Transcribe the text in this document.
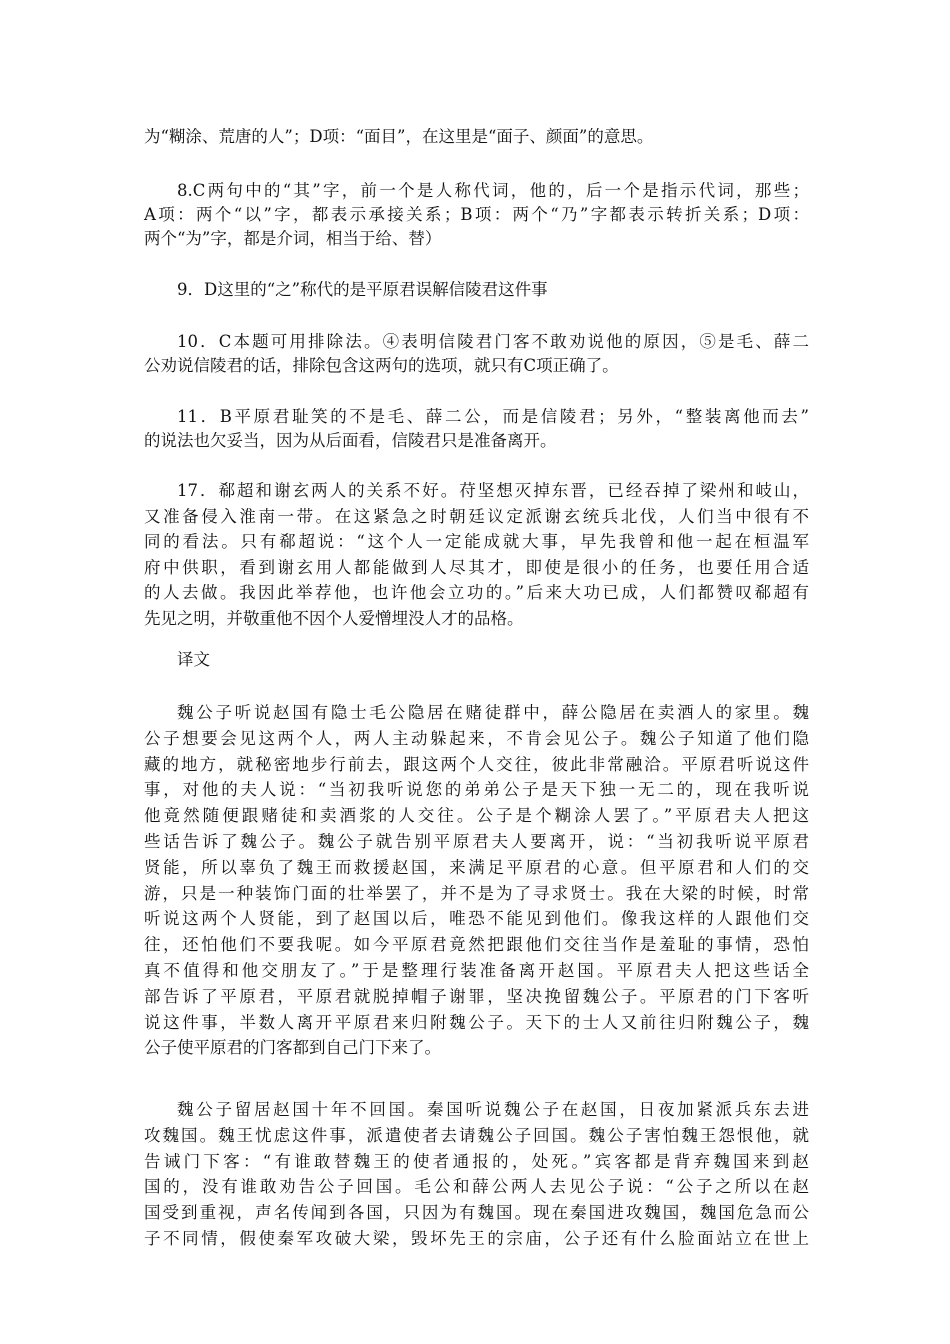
为“糊涂、荒唐的人”；D项：“面目”，在这里是“面子、颜面”的意思。
8.C两句中的“其”字，前一个是人称代词，他的，后一个是指示代词，那些；
A项：两个“以”字，都表示承接关系；B项：两个“乃”字都表示转折关系；D项：
两个“为”字，都是介词，相当于给、替）
9．D这里的“之”称代的是平原君误解信陵君这件事
10．C本题可用排除法。④表明信陵君门客不敢劝说他的原因，⑤是毛、薛二
公劝说信陵君的话，排除包含这两句的选项，就只有C项正确了。
11．B平原君耻笑的不是毛、薛二公，而是信陵君；另外，“整装离他而去”
的说法也欠妥当，因为从后面看，信陵君只是准备离开。
17．郗超和谢玄两人的关系不好。苻坚想灭掉东晋，已经吞掉了梁州和岐山，
又准备侵入淮南一带。在这紧急之时朝廷议定派谢玄统兵北伐，人们当中很有不
同的看法。只有郗超说：“这个人一定能成就大事，早先我曾和他一起在桓温军
府中供职，看到谢玄用人都能做到人尽其才，即使是很小的任务，也要任用合适
的人去做。我因此举荐他，也许他会立功的。”后来大功已成，人们都赞叹郗超有
先见之明，并敬重他不因个人爱憎埋没人才的品格。
译文
魏公子听说赵国有隐士毛公隐居在赌徒群中，薛公隐居在卖酒人的家里。魏
公子想要会见这两个人，两人主动躲起来，不肯会见公子。魏公子知道了他们隐
藏的地方，就秘密地步行前去，跟这两个人交往，彼此非常融洽。平原君听说这件
事，对他的夫人说：“当初我听说您的弟弟公子是天下独一无二的，现在我听说
他竟然随便跟赌徒和卖酒浆的人交往。公子是个糊涂人罢了。”平原君夫人把这
些话告诉了魏公子。魏公子就告别平原君夫人要离开，说：“当初我听说平原君
贤能，所以辜负了魏王而救援赵国，来满足平原君的心意。但平原君和人们的交
游，只是一种装饰门面的壮举罢了，并不是为了寻求贤士。我在大梁的时候，时常
听说这两个人贤能，到了赵国以后，唯恐不能见到他们。像我这样的人跟他们交
往，还怕他们不要我呢。如今平原君竟然把跟他们交往当作是羞耻的事情，恐怕
真不值得和他交朋友了。”于是整理行装准备离开赵国。平原君夫人把这些话全
部告诉了平原君，平原君就脱掉帽子谢罪，坚决挽留魏公子。平原君的门下客听
说这件事，半数人离开平原君来归附魏公子。天下的士人又前往归附魏公子，魏
公子使平原君的门客都到自己门下来了。
魏公子留居赵国十年不回国。秦国听说魏公子在赵国，日夜加紧派兵东去进
攻魏国。魏王忧虑这件事，派遣使者去请魏公子回国。魏公子害怕魏王怨恨他，就
告诫门下客：“有谁敢替魏王的使者通报的，处死。”宾客都是背弃魏国来到赵
国的，没有谁敢劝告公子回国。毛公和薛公两人去见公子说：“公子之所以在赵
国受到重视，声名传闻到各国，只因为有魏国。现在秦国进攻魏国，魏国危急而公
子不同情，假使秦军攻破大梁，毁坏先王的宗庙，公子还有什么脸面站立在世上
